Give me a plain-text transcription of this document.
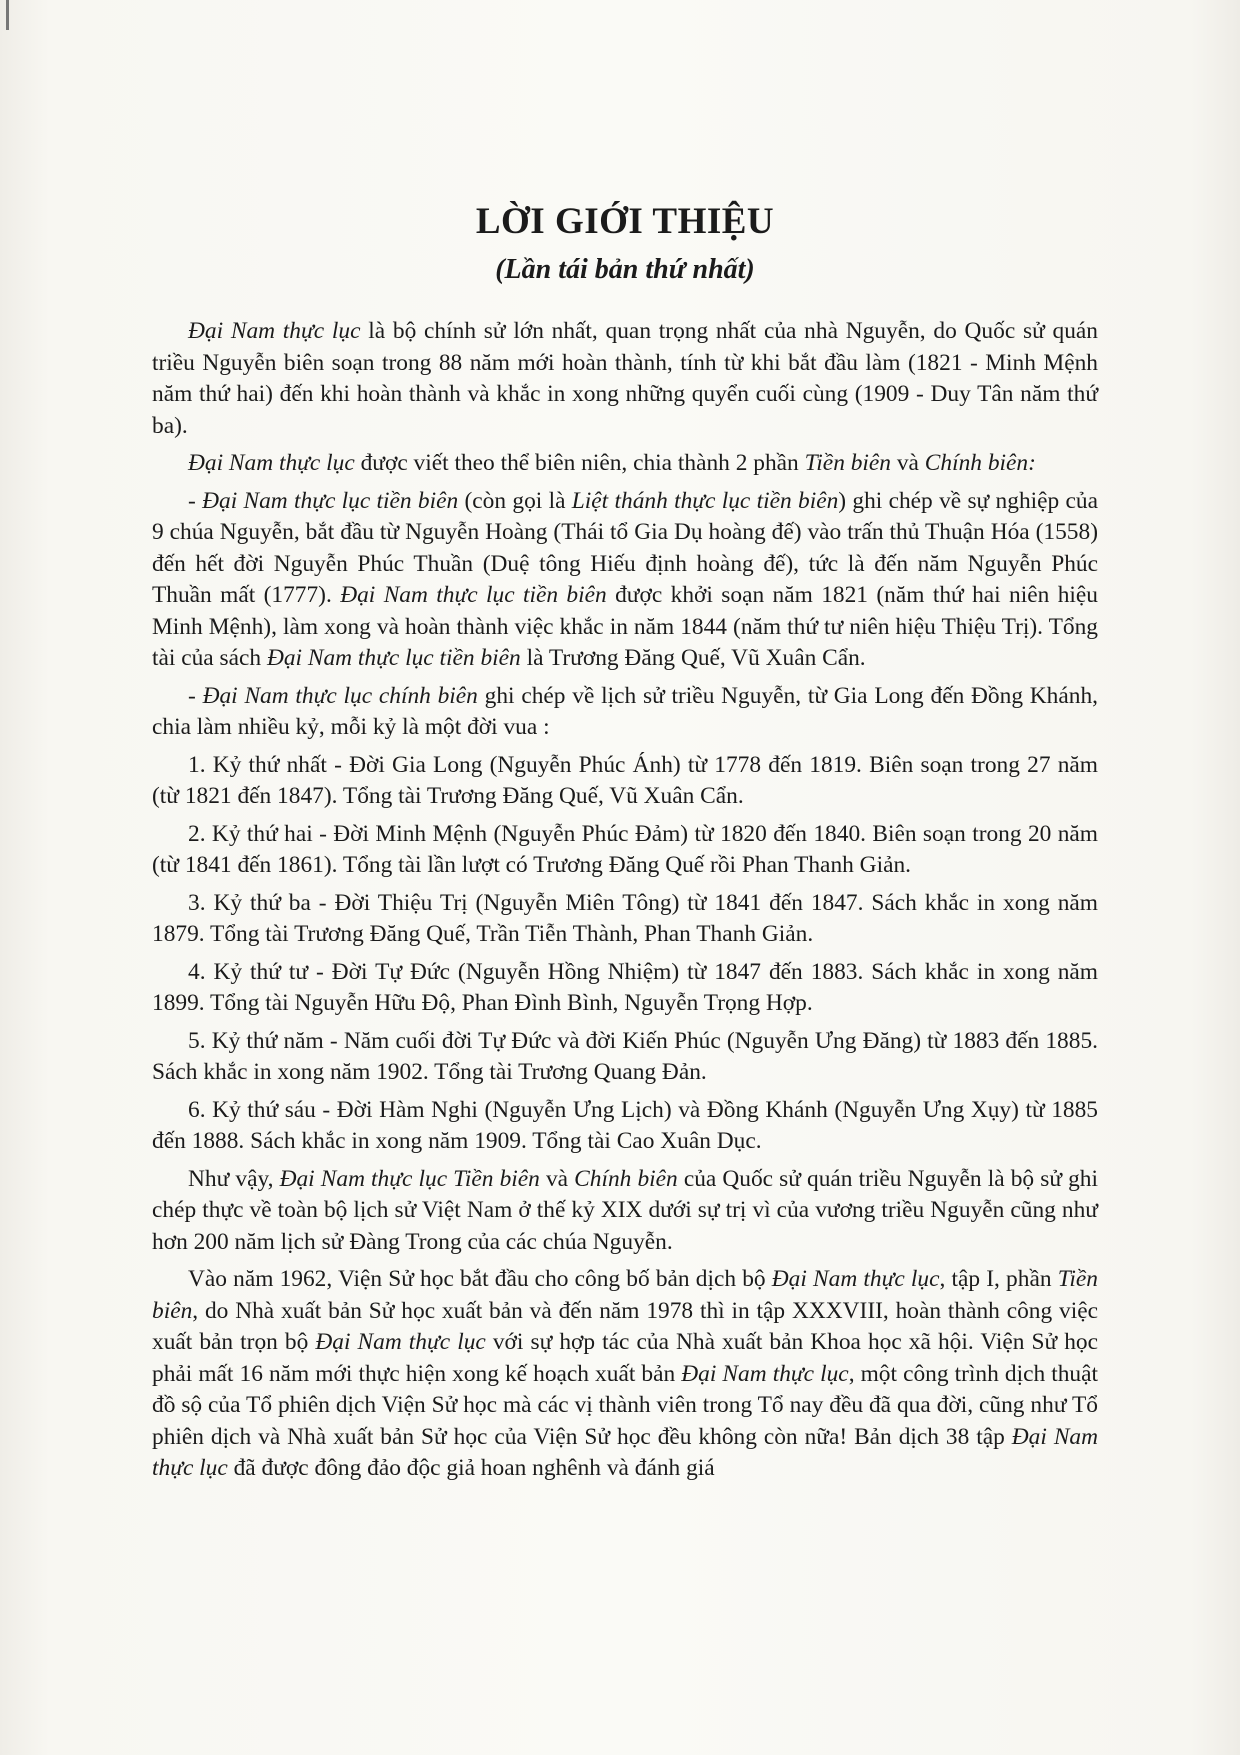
LỜI GIỚI THIỆU
(Lần tái bản thứ nhất)

Đại Nam thực lục là bộ chính sử lớn nhất, quan trọng nhất của nhà Nguyễn, do Quốc sử quán triều Nguyễn biên soạn trong 88 năm mới hoàn thành, tính từ khi bắt đầu làm (1821 - Minh Mệnh năm thứ hai) đến khi hoàn thành và khắc in xong những quyển cuối cùng (1909 - Duy Tân năm thứ ba).

Đại Nam thực lục được viết theo thể biên niên, chia thành 2 phần Tiền biên và Chính biên:

- Đại Nam thực lục tiền biên (còn gọi là Liệt thánh thực lục tiền biên) ghi chép về sự nghiệp của 9 chúa Nguyễn, bắt đầu từ Nguyễn Hoàng (Thái tổ Gia Dụ hoàng đế) vào trấn thủ Thuận Hóa (1558) đến hết đời Nguyễn Phúc Thuần (Duệ tông Hiếu định hoàng đế), tức là đến năm Nguyễn Phúc Thuần mất (1777). Đại Nam thực lục tiền biên được khởi soạn năm 1821 (năm thứ hai niên hiệu Minh Mệnh), làm xong và hoàn thành việc khắc in năm 1844 (năm thứ tư niên hiệu Thiệu Trị). Tổng tài của sách Đại Nam thực lục tiền biên là Trương Đăng Quế, Vũ Xuân Cẩn.

- Đại Nam thực lục chính biên ghi chép về lịch sử triều Nguyễn, từ Gia Long đến Đồng Khánh, chia làm nhiều kỷ, mỗi kỷ là một đời vua :

1. Kỷ thứ nhất - Đời Gia Long (Nguyễn Phúc Ánh) từ 1778 đến 1819. Biên soạn trong 27 năm (từ 1821 đến 1847). Tổng tài Trương Đăng Quế, Vũ Xuân Cẩn.

2. Kỷ thứ hai - Đời Minh Mệnh (Nguyễn Phúc Đảm) từ 1820 đến 1840. Biên soạn trong 20 năm (từ 1841 đến 1861). Tổng tài lần lượt có Trương Đăng Quế rồi Phan Thanh Giản.

3. Kỷ thứ ba - Đời Thiệu Trị (Nguyễn Miên Tông) từ 1841 đến 1847. Sách khắc in xong năm 1879. Tổng tài Trương Đăng Quế, Trần Tiễn Thành, Phan Thanh Giản.

4. Kỷ thứ tư - Đời Tự Đức (Nguyễn Hồng Nhiệm) từ 1847 đến 1883. Sách khắc in xong năm 1899. Tổng tài Nguyễn Hữu Độ, Phan Đình Bình, Nguyễn Trọng Hợp.

5. Kỷ thứ năm - Năm cuối đời Tự Đức và đời Kiến Phúc (Nguyễn Ưng Đăng) từ 1883 đến 1885. Sách khắc in xong năm 1902. Tổng tài Trương Quang Đản.

6. Kỷ thứ sáu - Đời Hàm Nghi (Nguyễn Ưng Lịch) và Đồng Khánh (Nguyễn Ưng Xụy) từ 1885 đến 1888. Sách khắc in xong năm 1909. Tổng tài Cao Xuân Dục.

Như vậy, Đại Nam thực lục Tiền biên và Chính biên của Quốc sử quán triều Nguyễn là bộ sử ghi chép thực về toàn bộ lịch sử Việt Nam ở thế kỷ XIX dưới sự trị vì của vương triều Nguyễn cũng như hơn 200 năm lịch sử Đàng Trong của các chúa Nguyễn.

Vào năm 1962, Viện Sử học bắt đầu cho công bố bản dịch bộ Đại Nam thực lục, tập I, phần Tiền biên, do Nhà xuất bản Sử học xuất bản và đến năm 1978 thì in tập XXXVIII, hoàn thành công việc xuất bản trọn bộ Đại Nam thực lục với sự hợp tác của Nhà xuất bản Khoa học xã hội. Viện Sử học phải mất 16 năm mới thực hiện xong kế hoạch xuất bản Đại Nam thực lục, một công trình dịch thuật đồ sộ của Tổ phiên dịch Viện Sử học mà các vị thành viên trong Tổ nay đều đã qua đời, cũng như Tổ phiên dịch và Nhà xuất bản Sử học của Viện Sử học đều không còn nữa! Bản dịch 38 tập Đại Nam thực lục đã được đông đảo độc giả hoan nghênh và đánh giá
